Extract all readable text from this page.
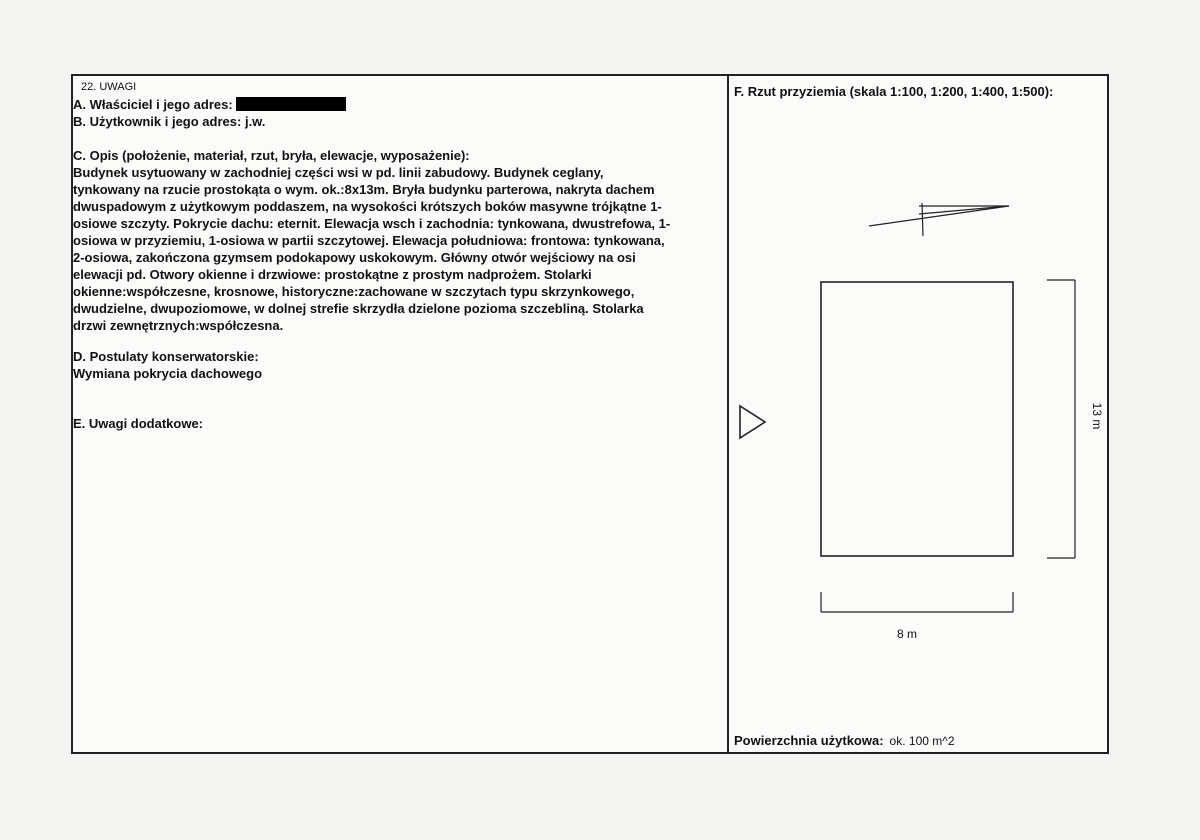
22. UWAGI
A. Właściciel i jego adres:
B. Użytkownik i jego adres: j.w.
C. Opis (położenie, materiał, rzut, bryła, elewacje, wyposażenie):
Budynek usytuowany w zachodniej części wsi w pd. linii zabudowy. Budynek ceglany,
tynkowany na rzucie prostokąta o wym. ok.:8x13m. Bryła budynku parterowa, nakryta dachem
dwuspadowym z użytkowym poddaszem, na wysokości krótszych boków masywne trójkątne 1-
osiowe szczyty. Pokrycie dachu: eternit. Elewacja wsch i zachodnia: tynkowana, dwustrefowa, 1-
osiowa w przyziemiu, 1-osiowa w partii szczytowej. Elewacja południowa: frontowa: tynkowana,
2-osiowa, zakończona gzymsem podokapowy uskokowym. Główny otwór wejściowy na osi
elewacji pd. Otwory okienne i drzwiowe: prostokątne z prostym nadprożem. Stolarki
okienne:współczesne, krosnowe, historyczne:zachowane w szczytach typu skrzynkowego,
dwudzielne, dwupoziomowe, w dolnej strefie skrzydła dzielone pozioma szczebliną. Stolarka
drzwi zewnętrznych:współczesna.
D. Postulaty konserwatorskie:
Wymiana pokrycia dachowego
E. Uwagi dodatkowe:
F. Rzut przyziemia (skala 1:100, 1:200, 1:400, 1:500):
13 m
8 m
Powierzchnia użytkowa: ok. 100 m^2
